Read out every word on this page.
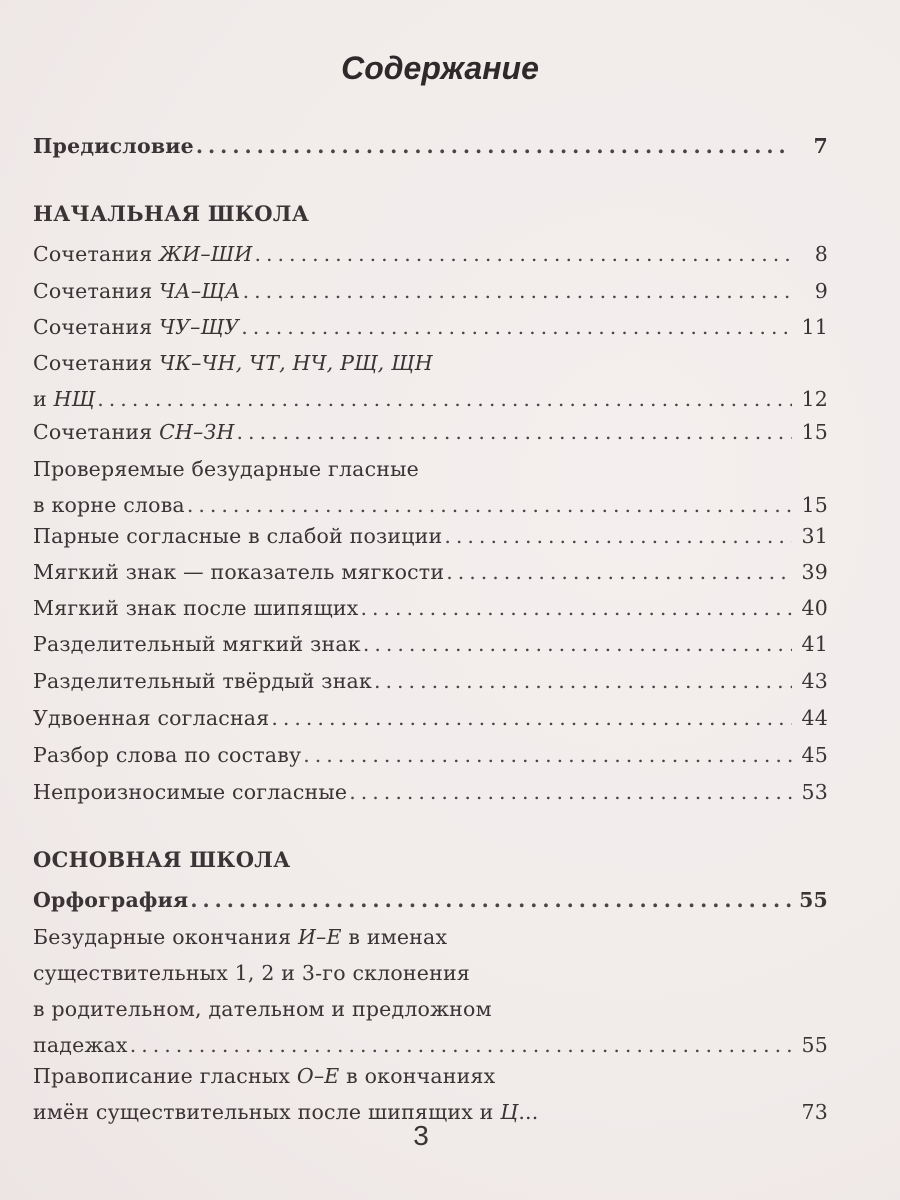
Содержание
Предисловие .....	7
НАЧАЛЬНАЯ ШКОЛА
Сочетания ЖИ–ШИ .....	8
Сочетания ЧА–ЩА .....	9
Сочетания ЧУ–ЩУ .....	11
Сочетания ЧК–ЧН, ЧТ, НЧ, РЩ, ЩН
и НЩ .....	12
Сочетания СН–ЗН .....	15
Проверяемые безударные гласные
в корне слова .....	15
Парные согласные в слабой позиции .....	31
Мягкий знак — показатель мягкости .....	39
Мягкий знак после шипящих .....	40
Разделительный мягкий знак .....	41
Разделительный твёрдый знак .....	43
Удвоенная согласная .....	44
Разбор слова по составу .....	45
Непроизносимые согласные .....	53
ОСНОВНАЯ ШКОЛА
Орфография .....	55
Безударные окончания И–Е в именах
существительных 1, 2 и 3-го склонения
в родительном, дательном и предложном
падежах .....	55
Правописание гласных О–Е в окончаниях
имён существительных после шипящих и Ц...	73
3
